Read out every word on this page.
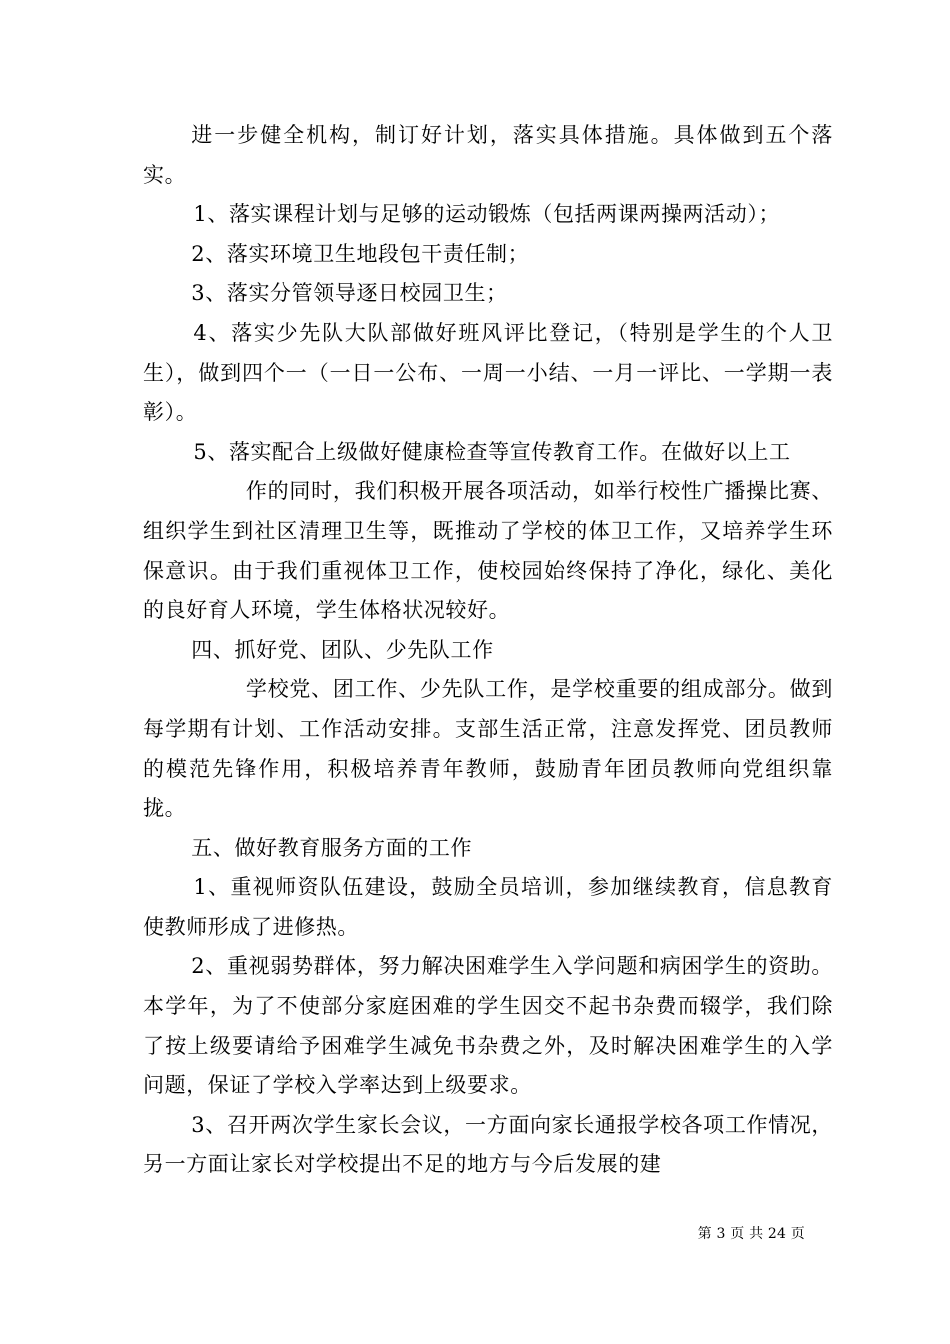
进一步健全机构，制订好计划，落实具体措施。具体做到五个落实。

1、落实课程计划与足够的运动锻炼（包括两课两操两活动）；

2、落实环境卫生地段包干责任制；

3、落实分管领导逐日校园卫生；

4、落实少先队大队部做好班风评比登记，（特别是学生的个人卫生），做到四个一（一日一公布、一周一小结、一月一评比、一学期一表彰）。

5、落实配合上级做好健康检查等宣传教育工作。在做好以上工

作的同时，我们积极开展各项活动，如举行校性广播操比赛、组织学生到社区清理卫生等，既推动了学校的体卫工作，又培养学生环保意识。由于我们重视体卫工作，使校园始终保持了净化，绿化、美化的良好育人环境，学生体格状况较好。

四、抓好党、团队、少先队工作

学校党、团工作、少先队工作，是学校重要的组成部分。做到每学期有计划、工作活动安排。支部生活正常，注意发挥党、团员教师的模范先锋作用，积极培养青年教师，鼓励青年团员教师向党组织靠拢。

五、做好教育服务方面的工作

1、重视师资队伍建设，鼓励全员培训，参加继续教育，信息教育使教师形成了进修热。

2、重视弱势群体，努力解决困难学生入学问题和病困学生的资助。本学年，为了不使部分家庭困难的学生因交不起书杂费而辍学，我们除了按上级要请给予困难学生减免书杂费之外，及时解决困难学生的入学问题，保证了学校入学率达到上级要求。

3、召开两次学生家长会议，一方面向家长通报学校各项工作情况，另一方面让家长对学校提出不足的地方与今后发展的建

第 3 页 共 24 页
